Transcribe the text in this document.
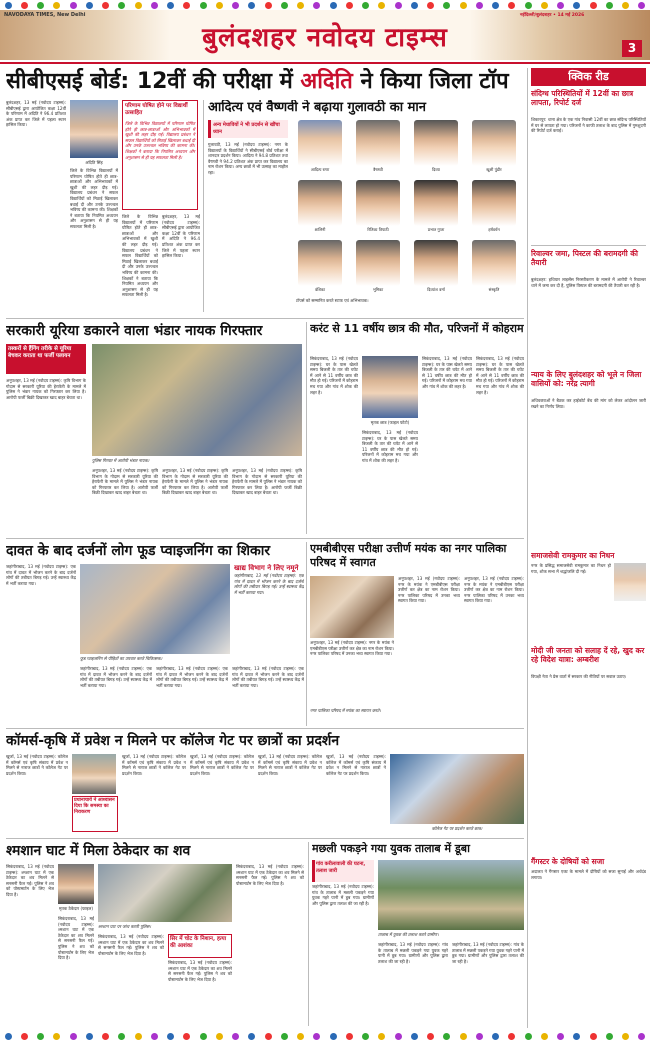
NAVODAYA TIMES, New Delhi
बुलंदशहर नवोदय टाइम्स
नईदिल्ली/बुलंदशहर • 14 मई 2026
3
सीबीएसई बोर्ड: 12वीं की परीक्षा में अदिति ने किया जिला टॉप
बुलंदशहर, 13 मई (नवोदय टाइम्स): सीबीएसई द्वारा आयोजित कक्षा 12वीं के परिणाम में अदिति ने 96.4 प्रतिशत अंक प्राप्त कर जिले में पहला स्थान हासिल किया।
अदिति सिंह
जिले के विभिन्न विद्यालयों में परिणाम घोषित होते ही छात्र-छात्राओं और अभिभावकों में खुशी की लहर दौड़ गई। विद्यालय प्रबंधन ने सफल विद्यार्थियों को मिठाई खिलाकर बधाई दी और उनके उज्ज्वल भविष्य की कामना की। शिक्षकों ने बताया कि नियमित अध्ययन और अनुशासन से ही यह सफलता मिली है।
परिणाम घोषित होने पर विद्यार्थी उत्साहित
जिले के विभिन्न विद्यालयों में परिणाम घोषित होते ही छात्र-छात्राओं और अभिभावकों में खुशी की लहर दौड़ गई। विद्यालय प्रबंधन ने सफल विद्यार्थियों को मिठाई खिलाकर बधाई दी और उनके उज्ज्वल भविष्य की कामना की। शिक्षकों ने बताया कि नियमित अध्ययन और अनुशासन से ही यह सफलता मिली है।
जिले के विभिन्न विद्यालयों में परिणाम घोषित होते ही छात्र-छात्राओं और अभिभावकों में खुशी की लहर दौड़ गई। विद्यालय प्रबंधन ने सफल विद्यार्थियों को मिठाई खिलाकर बधाई दी और उनके उज्ज्वल भविष्य की कामना की। शिक्षकों ने बताया कि नियमित अध्ययन और अनुशासन से ही यह सफलता मिली है।
बुलंदशहर, 13 मई (नवोदय टाइम्स): सीबीएसई द्वारा आयोजित कक्षा 12वीं के परिणाम में अदिति ने 96.4 प्रतिशत अंक प्राप्त कर जिले में पहला स्थान हासिल किया।
आदित्य एवं वैष्णवी ने बढ़ाया गुलावठी का मान
अन्य मेधावियों ने भी प्रदर्शन से खींचा ध्यान
गुलावठी, 13 मई (नवोदय टाइम्स): नगर के विद्यालयों के विद्यार्थियों ने सीबीएसई बोर्ड परीक्षा में शानदार प्रदर्शन किया। आदित्य ने 94.8 प्रतिशत तथा वैष्णवी ने 94.2 प्रतिशत अंक प्राप्त कर विद्यालय का नाम रोशन किया। अन्य छात्रों में भी उत्साह का माहौल रहा।
आदित्य राणा	वैष्णवी	दिव्या	खुशी पुंडीर
शालिनी	रितिका त्रिपाठी	प्रभात गुप्ता	हर्षवर्धन
वंशिका	भूमिका	दिव्यांश वर्मा	संस्कृति
टॉपर्स को सम्मानित करते स्टाफ एवं अभिभावक।
क्विक रीड
संदिग्ध परिस्थितियों में 12वीं का छात्र लापता, रिपोर्ट दर्ज
शिकारपुर: थाना क्षेत्र के एक गांव निवासी 12वीं का छात्र संदिग्ध परिस्थितियों में घर से लापता हो गया। परिजनों ने काफी तलाश के बाद पुलिस में गुमशुदगी की रिपोर्ट दर्ज कराई।
रिवाल्वर जमा, पिस्टल की बरामदगी की तैयारी
बुलंदशहर: हथियार लाइसेंस निरस्तीकरण के मामले में आरोपी ने रिवाल्वर थाने में जमा कर दी है, पुलिस पिस्टल की बरामदगी की तैयारी कर रही है।
न्याय के लिए बुलंदशहर को भूले न जिला वासियों को: नरेंद्र त्यागी
अधिवक्ताओं ने बैठक कर हाईकोर्ट बेंच की मांग को लेकर आंदोलन जारी रखने का निर्णय लिया।
समाजसेवी रामकुमार का निधन
नगर के प्रसिद्ध समाजसेवी रामकुमार का निधन हो गया, शोक सभा में श्रद्धांजलि दी गई।
मोदी जी जनता को सलाह दें रहे, खुद कर रहे विदेश यात्रा: अम्बरीश
विपक्षी नेता ने प्रेस वार्ता में सरकार की नीतियों पर सवाल उठाए।
गैंगस्टर के दोषियों को सजा
अदालत ने गैंगस्टर एक्ट के मामले में दोषियों को सजा सुनाई और अर्थदंड लगाया।
सरकारी यूरिया डकारने वाला भंडार नायक गिरफ्तार
तस्करों से हैंगिंग तरीके से यूरिया बेचकर कराता था फर्जी पलायन
अनूपशहर, 13 मई (नवोदय टाइम्स): कृषि विभाग के गोदाम से सरकारी यूरिया की हेराफेरी के मामले में पुलिस ने भंडार नायक को गिरफ्तार कर लिया है। आरोपी फर्जी बिक्री दिखाकर खाद बाहर बेचता था।
पुलिस गिरफ्त में आरोपी भंडार नायक।
अनूपशहर, 13 मई (नवोदय टाइम्स): कृषि विभाग के गोदाम से सरकारी यूरिया की हेराफेरी के मामले में पुलिस ने भंडार नायक को गिरफ्तार कर लिया है। आरोपी फर्जी बिक्री दिखाकर खाद बाहर बेचता था।
अनूपशहर, 13 मई (नवोदय टाइम्स): कृषि विभाग के गोदाम से सरकारी यूरिया की हेराफेरी के मामले में पुलिस ने भंडार नायक को गिरफ्तार कर लिया है। आरोपी फर्जी बिक्री दिखाकर खाद बाहर बेचता था।
अनूपशहर, 13 मई (नवोदय टाइम्स): कृषि विभाग के गोदाम से सरकारी यूरिया की हेराफेरी के मामले में पुलिस ने भंडार नायक को गिरफ्तार कर लिया है। आरोपी फर्जी बिक्री दिखाकर खाद बाहर बेचता था।
करंट से 11 वर्षीय छात्र की मौत, परिजनों में कोहराम
सिकंदराबाद, 13 मई (नवोदय टाइम्स): घर के पास खेलते समय बिजली के तार की चपेट में आने से 11 वर्षीय छात्र की मौत हो गई। परिजनों में कोहराम मच गया और गांव में शोक की लहर है।
मृतक छात्र (फाइल फोटो)
सिकंदराबाद, 13 मई (नवोदय टाइम्स): घर के पास खेलते समय बिजली के तार की चपेट में आने से 11 वर्षीय छात्र की मौत हो गई। परिजनों में कोहराम मच गया और गांव में शोक की लहर है।
सिकंदराबाद, 13 मई (नवोदय टाइम्स): घर के पास खेलते समय बिजली के तार की चपेट में आने से 11 वर्षीय छात्र की मौत हो गई। परिजनों में कोहराम मच गया और गांव में शोक की लहर है।
सिकंदराबाद, 13 मई (नवोदय टाइम्स): घर के पास खेलते समय बिजली के तार की चपेट में आने से 11 वर्षीय छात्र की मौत हो गई। परिजनों में कोहराम मच गया और गांव में शोक की लहर है।
दावत के बाद दर्जनों लोग फूड प्वाइजनिंग का शिकार
जहांगीराबाद, 13 मई (नवोदय टाइम्स): एक गांव में दावत में भोजन करने के बाद दर्जनों लोगों की तबीयत बिगड़ गई। उन्हें स्वास्थ्य केंद्र में भर्ती कराया गया।
खाद्य विभाग ने लिए नमूने
जहांगीराबाद, 13 मई (नवोदय टाइम्स): एक गांव में दावत में भोजन करने के बाद दर्जनों लोगों की तबीयत बिगड़ गई। उन्हें स्वास्थ्य केंद्र में भर्ती कराया गया।
फूड प्वाइजनिंग से पीड़ितों का उपचार करते चिकित्सक।
जहांगीराबाद, 13 मई (नवोदय टाइम्स): एक गांव में दावत में भोजन करने के बाद दर्जनों लोगों की तबीयत बिगड़ गई। उन्हें स्वास्थ्य केंद्र में भर्ती कराया गया।
जहांगीराबाद, 13 मई (नवोदय टाइम्स): एक गांव में दावत में भोजन करने के बाद दर्जनों लोगों की तबीयत बिगड़ गई। उन्हें स्वास्थ्य केंद्र में भर्ती कराया गया।
जहांगीराबाद, 13 मई (नवोदय टाइम्स): एक गांव में दावत में भोजन करने के बाद दर्जनों लोगों की तबीयत बिगड़ गई। उन्हें स्वास्थ्य केंद्र में भर्ती कराया गया।
एमबीबीएस परीक्षा उत्तीर्ण मयंक का नगर पालिका परिषद में स्वागत
अनूपशहर, 13 मई (नवोदय टाइम्स): नगर के मयंक ने एमबीबीएस परीक्षा उत्तीर्ण कर क्षेत्र का नाम रोशन किया। नगर पालिका परिषद में उनका भव्य स्वागत किया गया।
अनूपशहर, 13 मई (नवोदय टाइम्स): नगर के मयंक ने एमबीबीएस परीक्षा उत्तीर्ण कर क्षेत्र का नाम रोशन किया। नगर पालिका परिषद में उनका भव्य स्वागत किया गया।
अनूपशहर, 13 मई (नवोदय टाइम्स): नगर के मयंक ने एमबीबीएस परीक्षा उत्तीर्ण कर क्षेत्र का नाम रोशन किया। नगर पालिका परिषद में उनका भव्य स्वागत किया गया।
नगर पालिका परिषद में मयंक का स्वागत करते।
कॉमर्स-कृषि में प्रवेश न मिलने पर कॉलेज गेट पर छात्रों का प्रदर्शन
खुर्जा, 13 मई (नवोदय टाइम्स): कॉलेज में कॉमर्स एवं कृषि संकाय में प्रवेश न मिलने से नाराज छात्रों ने कॉलेज गेट पर प्रदर्शन किया।
प्रधानाचार्य ने आश्वासन दिया कि समस्या का निराकरण
खुर्जा, 13 मई (नवोदय टाइम्स): कॉलेज में कॉमर्स एवं कृषि संकाय में प्रवेश न मिलने से नाराज छात्रों ने कॉलेज गेट पर प्रदर्शन किया।
खुर्जा, 13 मई (नवोदय टाइम्स): कॉलेज में कॉमर्स एवं कृषि संकाय में प्रवेश न मिलने से नाराज छात्रों ने कॉलेज गेट पर प्रदर्शन किया।
खुर्जा, 13 मई (नवोदय टाइम्स): कॉलेज में कॉमर्स एवं कृषि संकाय में प्रवेश न मिलने से नाराज छात्रों ने कॉलेज गेट पर प्रदर्शन किया।
खुर्जा, 13 मई (नवोदय टाइम्स): कॉलेज में कॉमर्स एवं कृषि संकाय में प्रवेश न मिलने से नाराज छात्रों ने कॉलेज गेट पर प्रदर्शन किया।
कॉलेज गेट पर प्रदर्शन करते छात्र।
श्मशान घाट में मिला ठेकेदार का शव
सिकंदराबाद, 13 मई (नवोदय टाइम्स): श्मशान घाट में एक ठेकेदार का शव मिलने से सनसनी फैल गई। पुलिस ने शव को पोस्टमार्टम के लिए भेज दिया है।
मृतक ठेकेदार (फाइल)
सिकंदराबाद, 13 मई (नवोदय टाइम्स): श्मशान घाट में एक ठेकेदार का शव मिलने से सनसनी फैल गई। पुलिस ने शव को पोस्टमार्टम के लिए भेज दिया है।
श्मशान घाट पर जांच करती पुलिस।
सिकंदराबाद, 13 मई (नवोदय टाइम्स): श्मशान घाट में एक ठेकेदार का शव मिलने से सनसनी फैल गई। पुलिस ने शव को पोस्टमार्टम के लिए भेज दिया है।
सिर में चोट के निशान, हत्या की आशंका
सिकंदराबाद, 13 मई (नवोदय टाइम्स): श्मशान घाट में एक ठेकेदार का शव मिलने से सनसनी फैल गई। पुलिस ने शव को पोस्टमार्टम के लिए भेज दिया है।
सिकंदराबाद, 13 मई (नवोदय टाइम्स): श्मशान घाट में एक ठेकेदार का शव मिलने से सनसनी फैल गई। पुलिस ने शव को पोस्टमार्टम के लिए भेज दिया है।
मछली पकड़ने गया युवक तालाब में डूबा
गांव करीलावाली की घटना, तलाश जारी
जहांगीराबाद, 13 मई (नवोदय टाइम्स): गांव के तालाब में मछली पकड़ने गया युवक गहरे पानी में डूब गया। ग्रामीणों और पुलिस द्वारा तलाश की जा रही है।
तालाब में युवक की तलाश करते ग्रामीण।
जहांगीराबाद, 13 मई (नवोदय टाइम्स): गांव के तालाब में मछली पकड़ने गया युवक गहरे पानी में डूब गया। ग्रामीणों और पुलिस द्वारा तलाश की जा रही है।
जहांगीराबाद, 13 मई (नवोदय टाइम्स): गांव के तालाब में मछली पकड़ने गया युवक गहरे पानी में डूब गया। ग्रामीणों और पुलिस द्वारा तलाश की जा रही है।
